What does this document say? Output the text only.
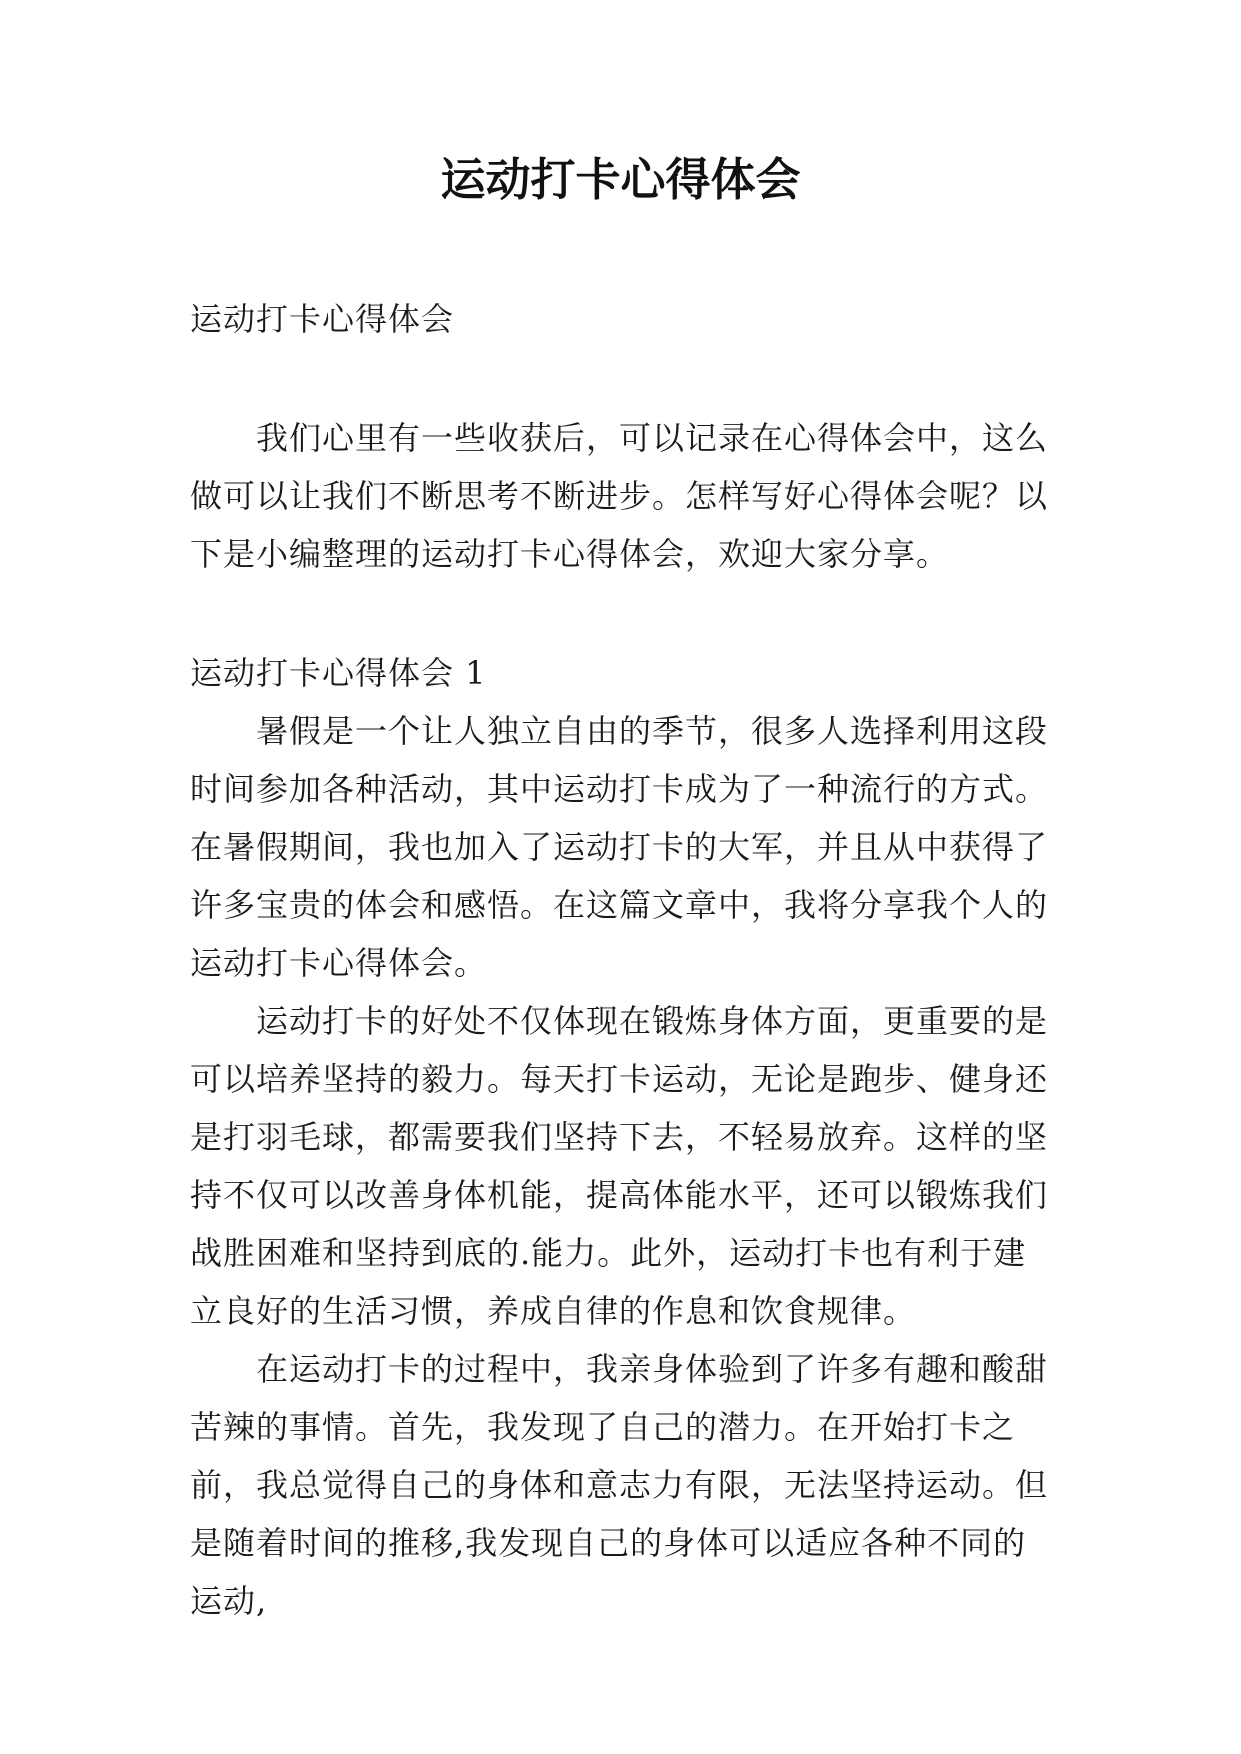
运动打卡心得体会

运动打卡心得体会

我们心里有一些收获后，可以记录在心得体会中，这么做可以让我们不断思考不断进步。怎样写好心得体会呢？以下是小编整理的运动打卡心得体会，欢迎大家分享。

运动打卡心得体会 1

暑假是一个让人独立自由的季节，很多人选择利用这段时间参加各种活动，其中运动打卡成为了一种流行的方式。在暑假期间，我也加入了运动打卡的大军，并且从中获得了许多宝贵的体会和感悟。在这篇文章中，我将分享我个人的运动打卡心得体会。

运动打卡的好处不仅体现在锻炼身体方面，更重要的是可以培养坚持的毅力。每天打卡运动，无论是跑步、健身还是打羽毛球，都需要我们坚持下去，不轻易放弃。这样的坚持不仅可以改善身体机能，提高体能水平，还可以锻炼我们战胜困难和坚持到底的.能力。此外，运动打卡也有利于建立良好的生活习惯，养成自律的作息和饮食规律。

在运动打卡的过程中，我亲身体验到了许多有趣和酸甜苦辣的事情。首先，我发现了自己的潜力。在开始打卡之前，我总觉得自己的身体和意志力有限，无法坚持运动。但是随着时间的推移,我发现自己的身体可以适应各种不同的运动,
